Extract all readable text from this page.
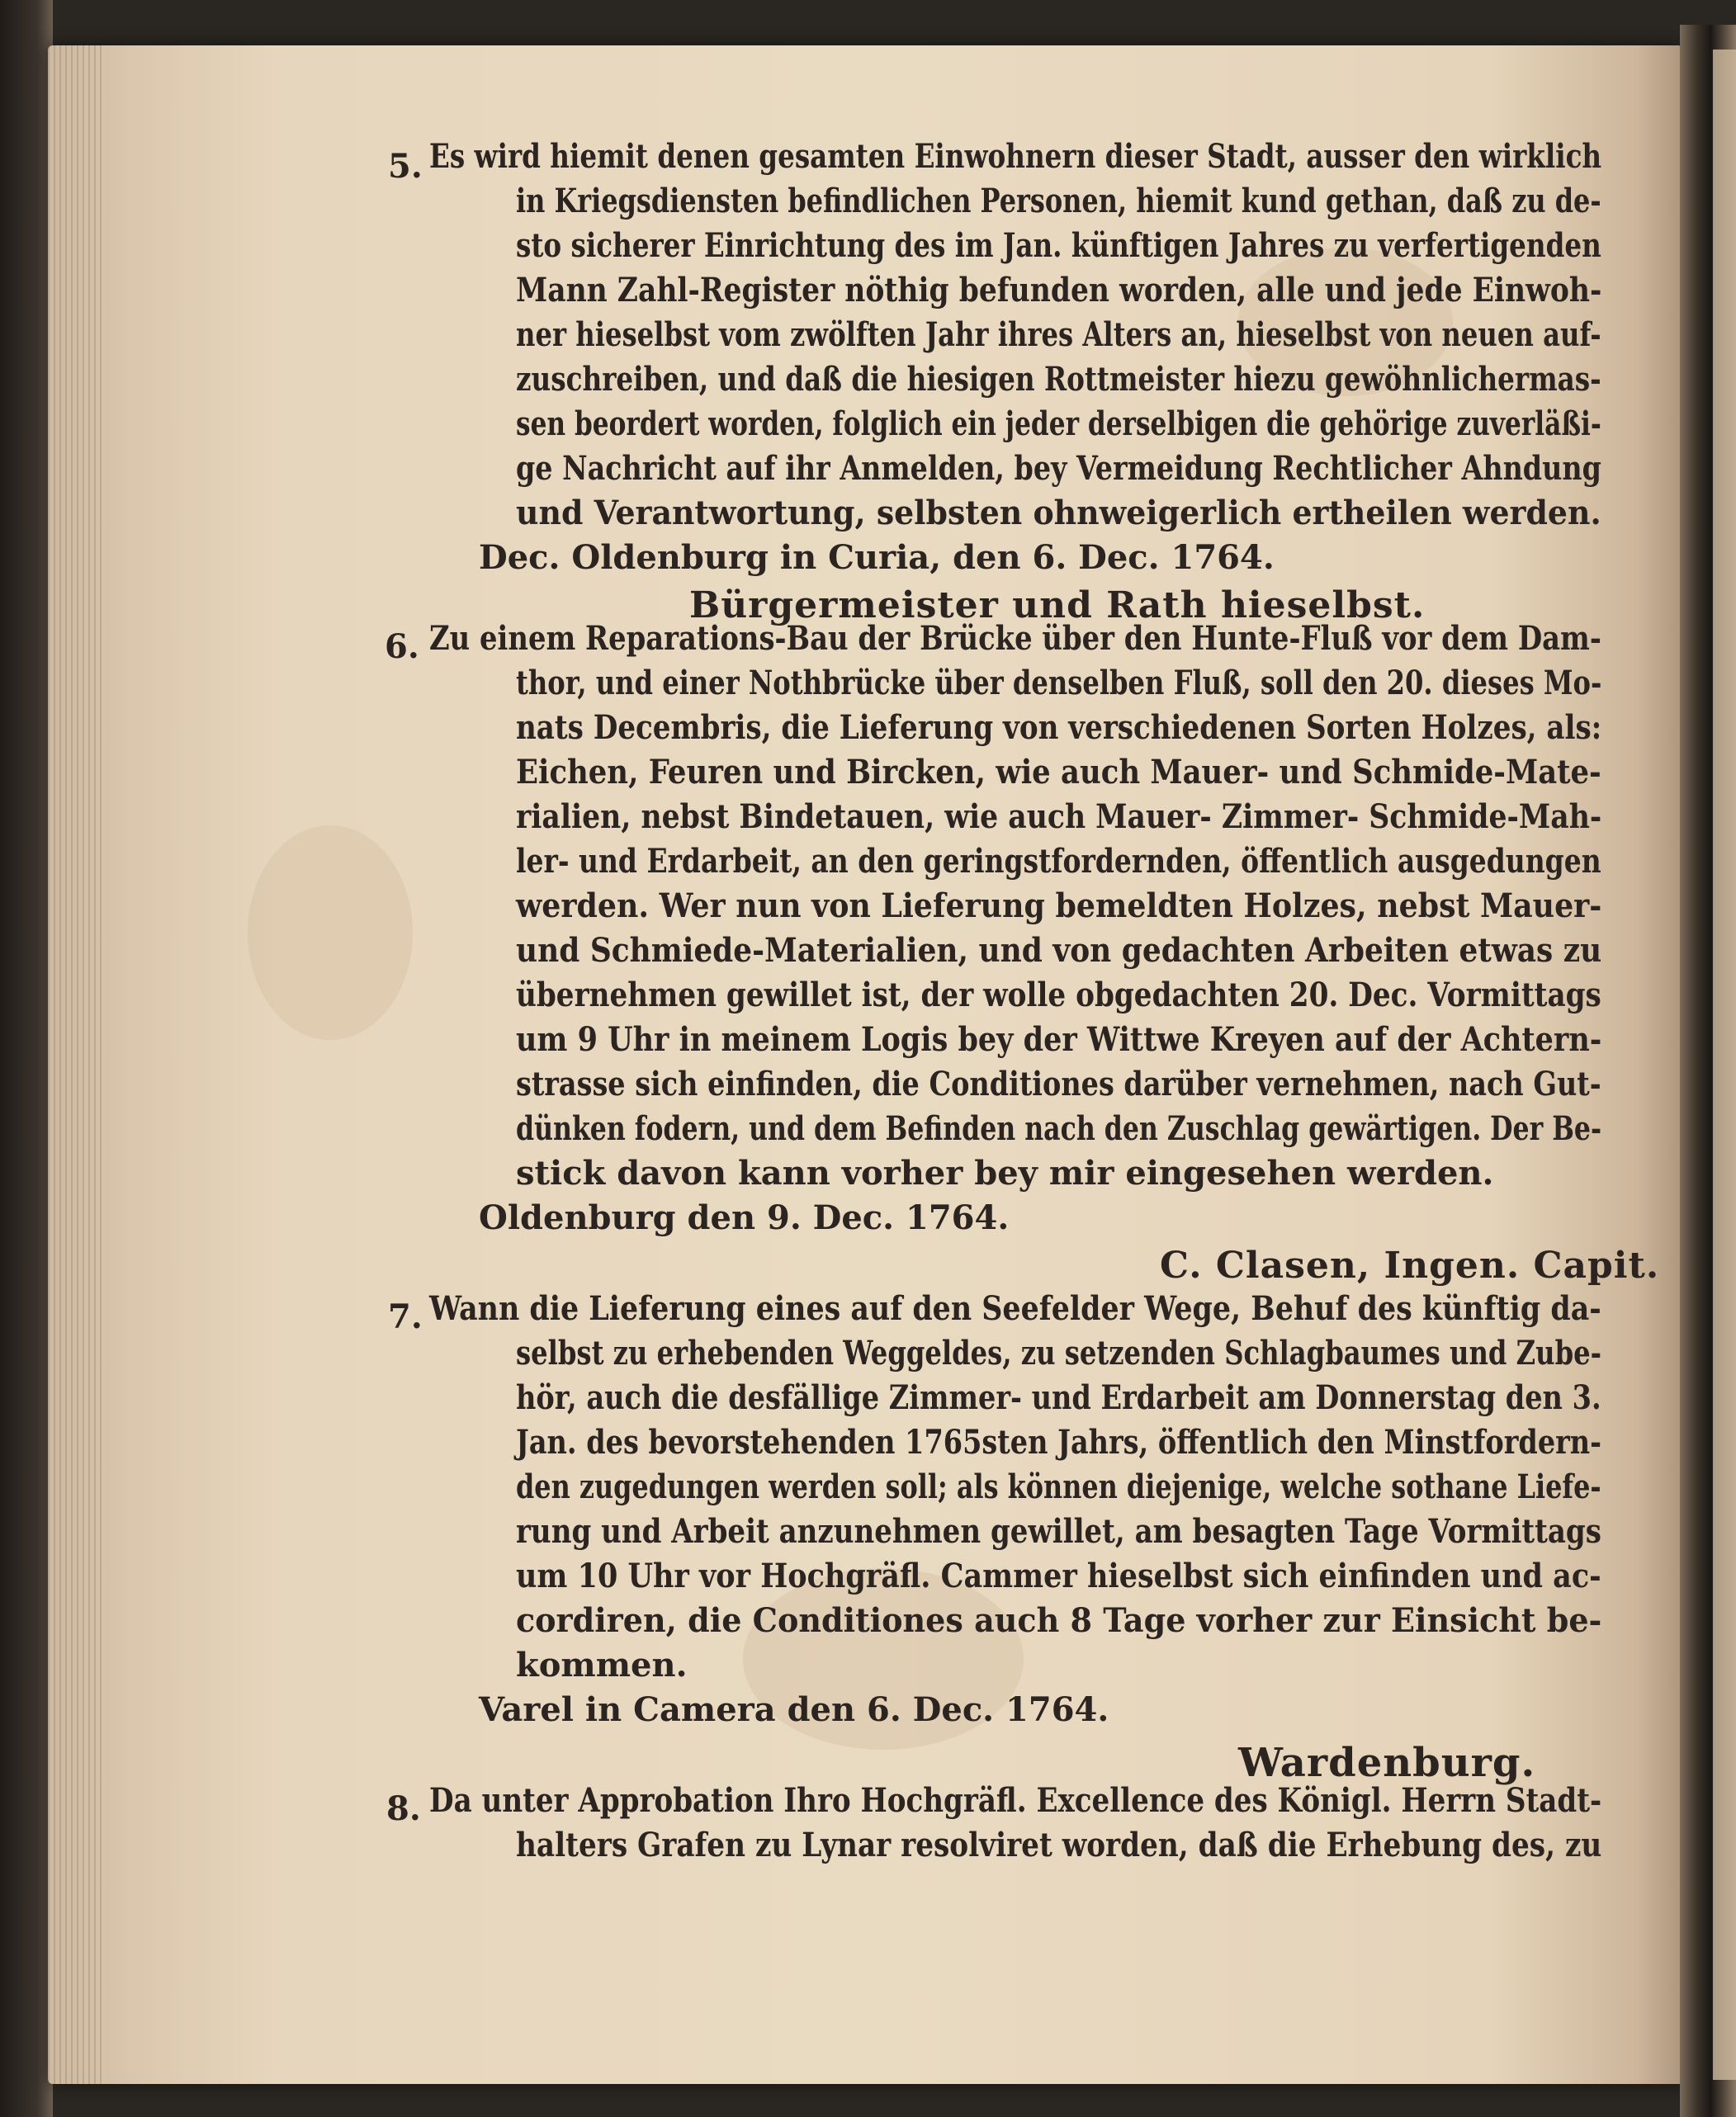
5. Es wird hiemit denen gesamten Einwohnern dieser Stadt, ausser den wirklich
in Kriegsdiensten befindlichen Personen, hiemit kund gethan, daß zu de-
sto sicherer Einrichtung des im Jan. künftigen Jahres zu verfertigenden
Mann Zahl-Register nöthig befunden worden, alle und jede Einwoh-
ner hieselbst vom zwölften Jahr ihres Alters an, hieselbst von neuen auf-
zuschreiben, und daß die hiesigen Rottmeister hiezu gewöhnlichermas-
sen beordert worden, folglich ein jeder derselbigen die gehörige zuverläßi-
ge Nachricht auf ihr Anmelden, bey Vermeidung Rechtlicher Ahndung
und Verantwortung, selbsten ohnweigerlich ertheilen werden.
Dec. Oldenburg in Curia, den 6. Dec. 1764.
Bürgermeister und Rath hieselbst.
6. Zu einem Reparations-Bau der Brücke über den Hunte-Fluß vor dem Dam-
thor, und einer Nothbrücke über denselben Fluß, soll den 20. dieses Mo-
nats Decembris, die Lieferung von verschiedenen Sorten Holzes, als:
Eichen, Feuren und Bircken, wie auch Mauer- und Schmide-Mate-
rialien, nebst Bindetauen, wie auch Mauer- Zimmer- Schmide-Mah-
ler- und Erdarbeit, an den geringstfordernden, öffentlich ausgedungen
werden. Wer nun von Lieferung bemeldten Holzes, nebst Mauer-
und Schmiede-Materialien, und von gedachten Arbeiten etwas zu
übernehmen gewillet ist, der wolle obgedachten 20. Dec. Vormittags
um 9 Uhr in meinem Logis bey der Wittwe Kreyen auf der Achtern-
strasse sich einfinden, die Conditiones darüber vernehmen, nach Gut-
dünken fodern, und dem Befinden nach den Zuschlag gewärtigen. Der Be-
stick davon kann vorher bey mir eingesehen werden.
Oldenburg den 9. Dec. 1764.
C. Clasen, Ingen. Capit.
7. Wann die Lieferung eines auf den Seefelder Wege, Behuf des künftig da-
selbst zu erhebenden Weggeldes, zu setzenden Schlagbaumes und Zube-
hör, auch die desfällige Zimmer- und Erdarbeit am Donnerstag den 3.
Jan. des bevorstehenden 1765sten Jahrs, öffentlich den Minstfordern-
den zugedungen werden soll; als können diejenige, welche sothane Liefe-
rung und Arbeit anzunehmen gewillet, am besagten Tage Vormittags
um 10 Uhr vor Hochgräfl. Cammer hieselbst sich einfinden und ac-
cordiren, die Conditiones auch 8 Tage vorher zur Einsicht be-
kommen.
Varel in Camera den 6. Dec. 1764.
Wardenburg.
8. Da unter Approbation Ihro Hochgräfl. Excellence des Königl. Herrn Stadt-
halters Grafen zu Lynar resolviret worden, daß die Erhebung des, zu
